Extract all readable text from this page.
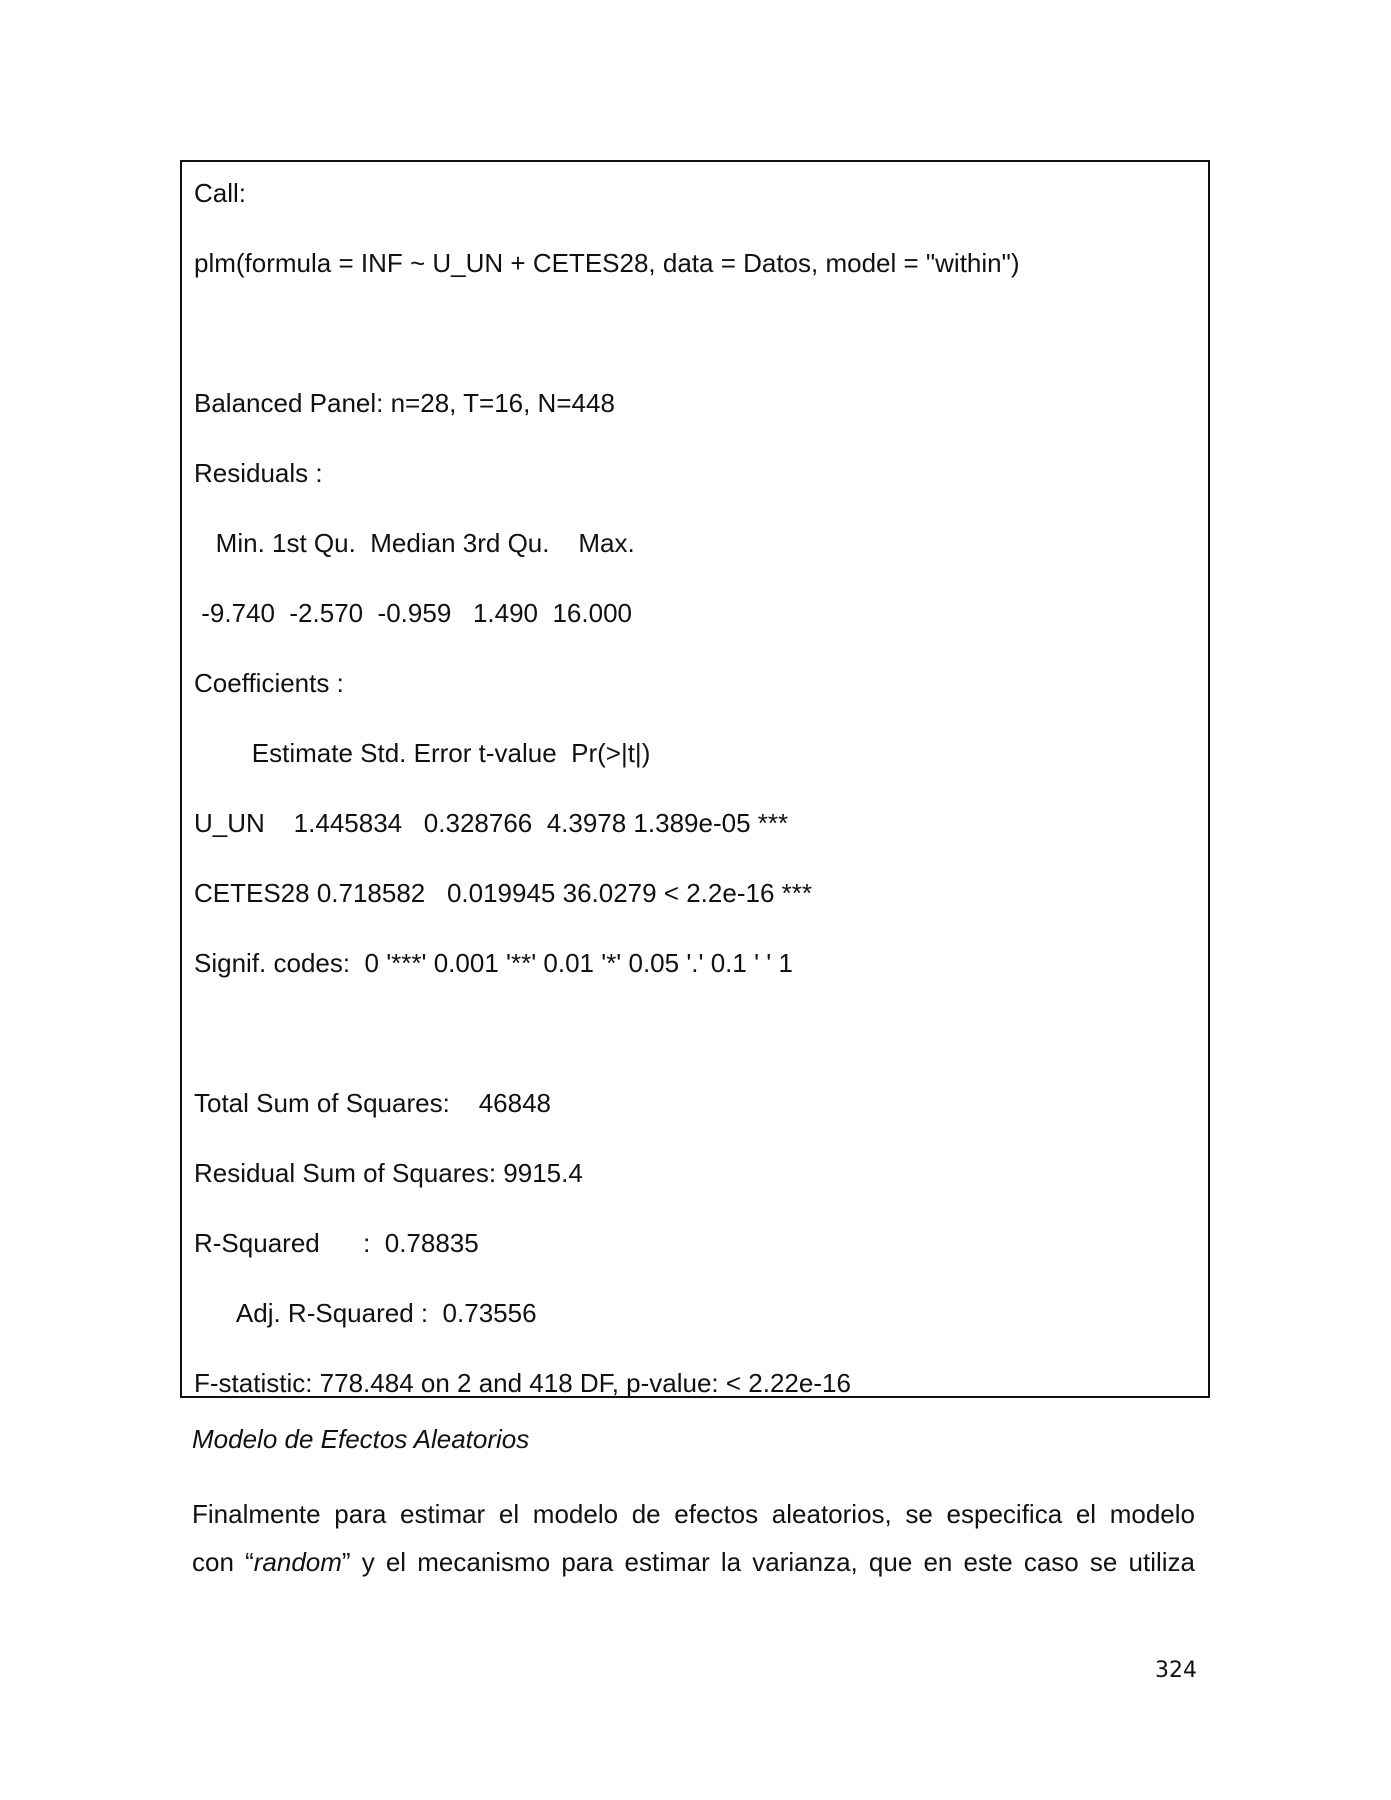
Call:
plm(formula = INF ~ U_UN + CETES28, data = Datos, model = "within")
Balanced Panel: n=28, T=16, N=448
Residuals :
Min. 1st Qu.  Median 3rd Qu.    Max.
-9.740  -2.570  -0.959   1.490  16.000
Coefficients :
Estimate Std. Error t-value  Pr(>|t|)
U_UN    1.445834   0.328766  4.3978 1.389e-05 ***
CETES28 0.718582   0.019945 36.0279 < 2.2e-16 ***
Signif. codes:  0 '***' 0.001 '**' 0.01 '*' 0.05 '.' 0.1 ' ' 1
Total Sum of Squares:    46848
Residual Sum of Squares: 9915.4
R-Squared      :  0.78835
Adj. R-Squared :  0.73556
F-statistic: 778.484 on 2 and 418 DF, p-value: < 2.22e-16
Modelo de Efectos Aleatorios
Finalmente para estimar el modelo de efectos aleatorios, se especifica el modelo
con “random” y el mecanismo para estimar la varianza, que en este caso se utiliza
324
